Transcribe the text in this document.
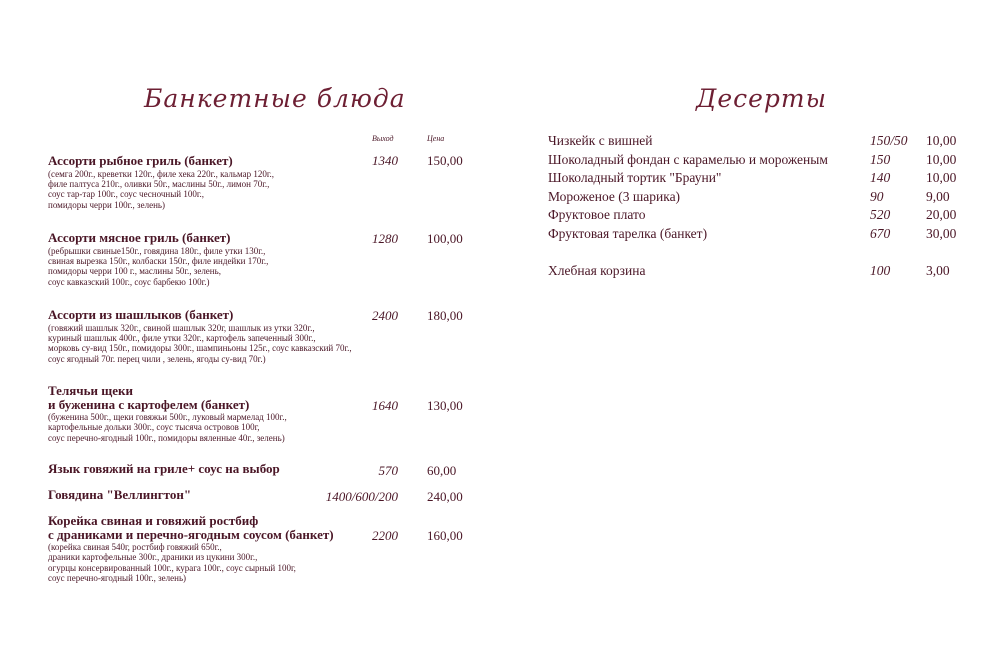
Банкетные блюда
Выход	Цена
Ассорти рыбное гриль (банкет)
(семга 200г., креветки 120г., филе хека 220г., кальмар 120г.,
филе палтуса 210г., оливки 50г., маслины 50г., лимон 70г.,
соус тар-тар 100г., соус чесночный 100г.,
помидоры черри 100г., зелень)
1340 150,00
Ассорти мясное гриль (банкет)
(ребрышки свиные150г., говядина 180г., филе утки 130г.,
свиная вырезка 150г., колбаски 150г., филе индейки 170г.,
помидоры черри 100 г., маслины 50г., зелень,
соус кавказский 100г., соус барбекю 100г.)
1280 100,00
Ассорти из шашлыков (банкет)
(говяжий шашлык 320г., свиной шашлык 320г, шашлык из утки 320г.,
куриный шашлык 400г., филе утки 320г., картофель запеченный 300г.,
морковь су-вид 150г., помидоры 300г., шампиньоны 125г., соус кавказский 70г.,
соус ягодный 70г. перец чили , зелень, ягоды су-вид 70г.)
2400 180,00
Телячьи щеки
и буженина с картофелем (банкет)
(буженина 500г., щеки говяжьи 500г., луковый мармелад 100г.,
картофельные дольки 300г., соус тысяча островов 100г,
соус перечно-ягодный 100г., помидоры вяленные 40г., зелень)
1640 130,00
Язык говяжий на гриле+ соус на выбор	570 60,00
Говядина "Веллингтон"	1400/600/200 240,00
Корейка свиная и говяжий ростбиф
с драниками и перечно-ягодным соусом (банкет)
(корейка свиная 540г, ростбиф говяжий 650г.,
драники картофельные 300г., драники из цукини 300г.,
огурцы консервированный 100г., курага 100г., соус сырный 100г,
соус перечно-ягодный 100г., зелень)
2200 160,00
Десерты
Чизкейк с вишней	150/50 10,00
Шоколадный фондан с карамелью и мороженым	150	10,00
Шоколадный тортик "Брауни"	140	10,00
Мороженое (3 шарика)	90	9,00
Фруктовое плато	520	20,00
Фруктовая тарелка (банкет)	670	30,00
Хлебная корзина	100	3,00
